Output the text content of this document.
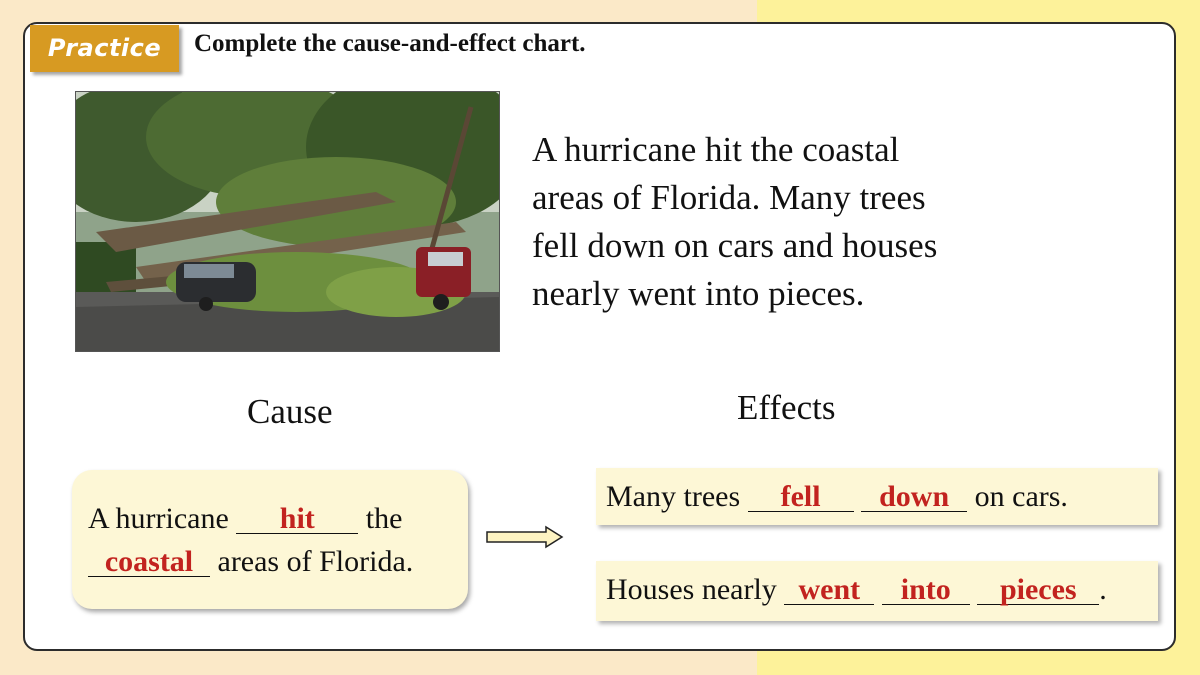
Practice	Complete the cause-and-effect chart.
A hurricane hit the coastal
areas of Florida. Many trees
fell down on cars and houses
nearly went into pieces.
Cause	Effects
A hurricane hit the
coastal areas of Florida.
Many trees fell down on cars.
Houses nearly went into pieces .
